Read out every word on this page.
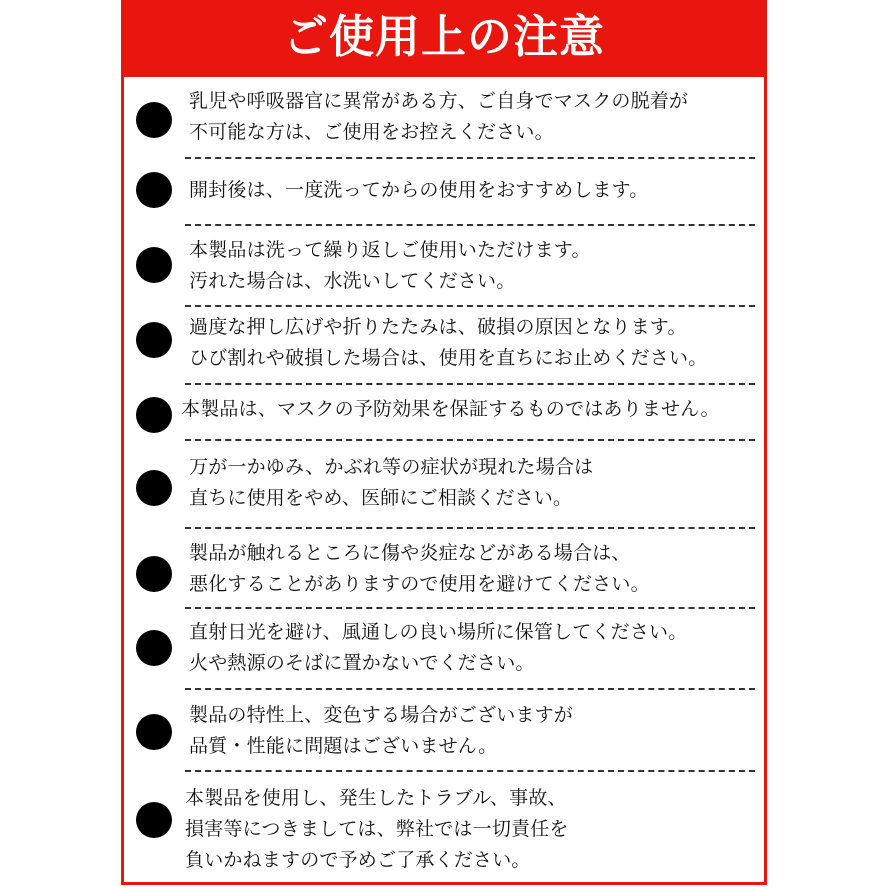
ご使用上の注意
乳児や呼吸器官に異常がある方、ご自身でマスクの脱着が
不可能な方は、ご使用をお控えください。
開封後は、一度洗ってからの使用をおすすめします。
本製品は洗って繰り返しご使用いただけます。
汚れた場合は、水洗いしてください。
過度な押し広げや折りたたみは、破損の原因となります。
ひび割れや破損した場合は、使用を直ちにお止めください。
本製品は、マスクの予防効果を保証するものではありません。
万が一かゆみ、かぶれ等の症状が現れた場合は
直ちに使用をやめ、医師にご相談ください。
製品が触れるところに傷や炎症などがある場合は、
悪化することがありますので使用を避けてください。
直射日光を避け、風通しの良い場所に保管してください。
火や熱源のそばに置かないでください。
製品の特性上、変色する場合がございますが
品質・性能に問題はございません。
本製品を使用し、発生したトラブル、事故、
損害等につきましては、弊社では一切責任を
負いかねますので予めご了承ください。
